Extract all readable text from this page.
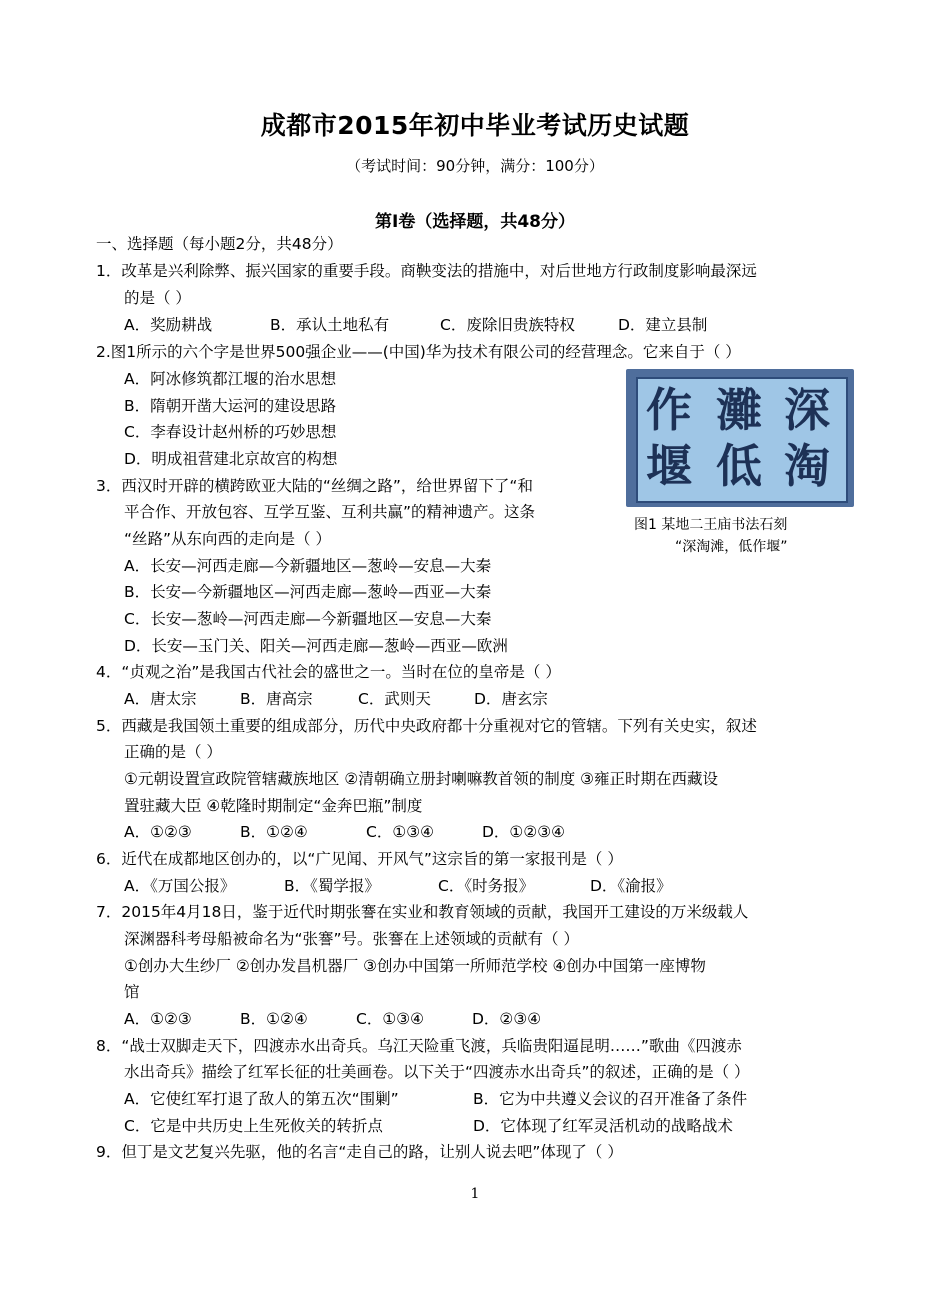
成都市2015年初中毕业考试历史试题
（考试时间：90分钟，满分：100分）
第Ⅰ卷（选择题，共48分）
一、选择题（每小题2分，共48分）
1．改革是兴利除弊、振兴国家的重要手段。商鞅变法的措施中，对后世地方行政制度影响最深远
的是（ ）
A．奖励耕战	B．承认土地私有	C．废除旧贵族特权	D．建立县制
2.图1所示的六个字是世界500强企业——(中国)华为技术有限公司的经营理念。它来自于（ ）
A．阿冰修筑都江堰的治水思想
B．隋朝开凿大运河的建设思路
C．李春设计赵州桥的巧妙思想
D．明成祖营建北京故宫的构想
作 灘 深
堰 低 淘
图1 某地二王庙书法石刻
“深淘滩，低作堰”
3．西汉时开辟的横跨欧亚大陆的“丝绸之路”，给世界留下了“和
平合作、开放包容、互学互鉴、互利共赢”的精神遗产。这条
“丝路”从东向西的走向是（ ）
A．长安—河西走廊—今新疆地区—葱岭—安息—大秦
B．长安—今新疆地区—河西走廊—葱岭—西亚—大秦
C．长安—葱岭—河西走廊—今新疆地区—安息—大秦
D．长安—玉门关、阳关—河西走廊—葱岭—西亚—欧洲
4．“贞观之治”是我国古代社会的盛世之一。当时在位的皇帝是（ ）
A．唐太宗	B．唐高宗	C．武则天	D．唐玄宗
5．西藏是我国领土重要的组成部分，历代中央政府都十分重视对它的管辖。下列有关史实，叙述
正确的是（ ）
①元朝设置宣政院管辖藏族地区 ②清朝确立册封喇嘛教首领的制度 ③雍正时期在西藏设
置驻藏大臣 ④乾隆时期制定“金奔巴瓶”制度
A．①②③	B．①②④	C．①③④	D．①②③④
6．近代在成都地区创办的，以“广见闻、开风气”这宗旨的第一家报刊是（ ）
A．《万国公报》	B．《蜀学报》	C．《时务报》	D．《渝报》
7．2015年4月18日，鉴于近代时期张謇在实业和教育领域的贡献，我国开工建设的万米级载人
深渊器科考母船被命名为“张謇”号。张謇在上述领域的贡献有（ ）
①创办大生纱厂 ②创办发昌机器厂 ③创办中国第一所师范学校 ④创办中国第一座博物
馆
A．①②③	B．①②④	C．①③④	D．②③④
8．“战士双脚走天下，四渡赤水出奇兵。乌江天险重飞渡，兵临贵阳逼昆明……”歌曲《四渡赤
水出奇兵》描绘了红军长征的壮美画卷。以下关于“四渡赤水出奇兵”的叙述，正确的是（ ）
A．它使红军打退了敌人的第五次“围剿”	B．它为中共遵义会议的召开准备了条件
C．它是中共历史上生死攸关的转折点	D．它体现了红军灵活机动的战略战术
9．但丁是文艺复兴先驱，他的名言“走自己的路，让别人说去吧”体现了（ ）
1
